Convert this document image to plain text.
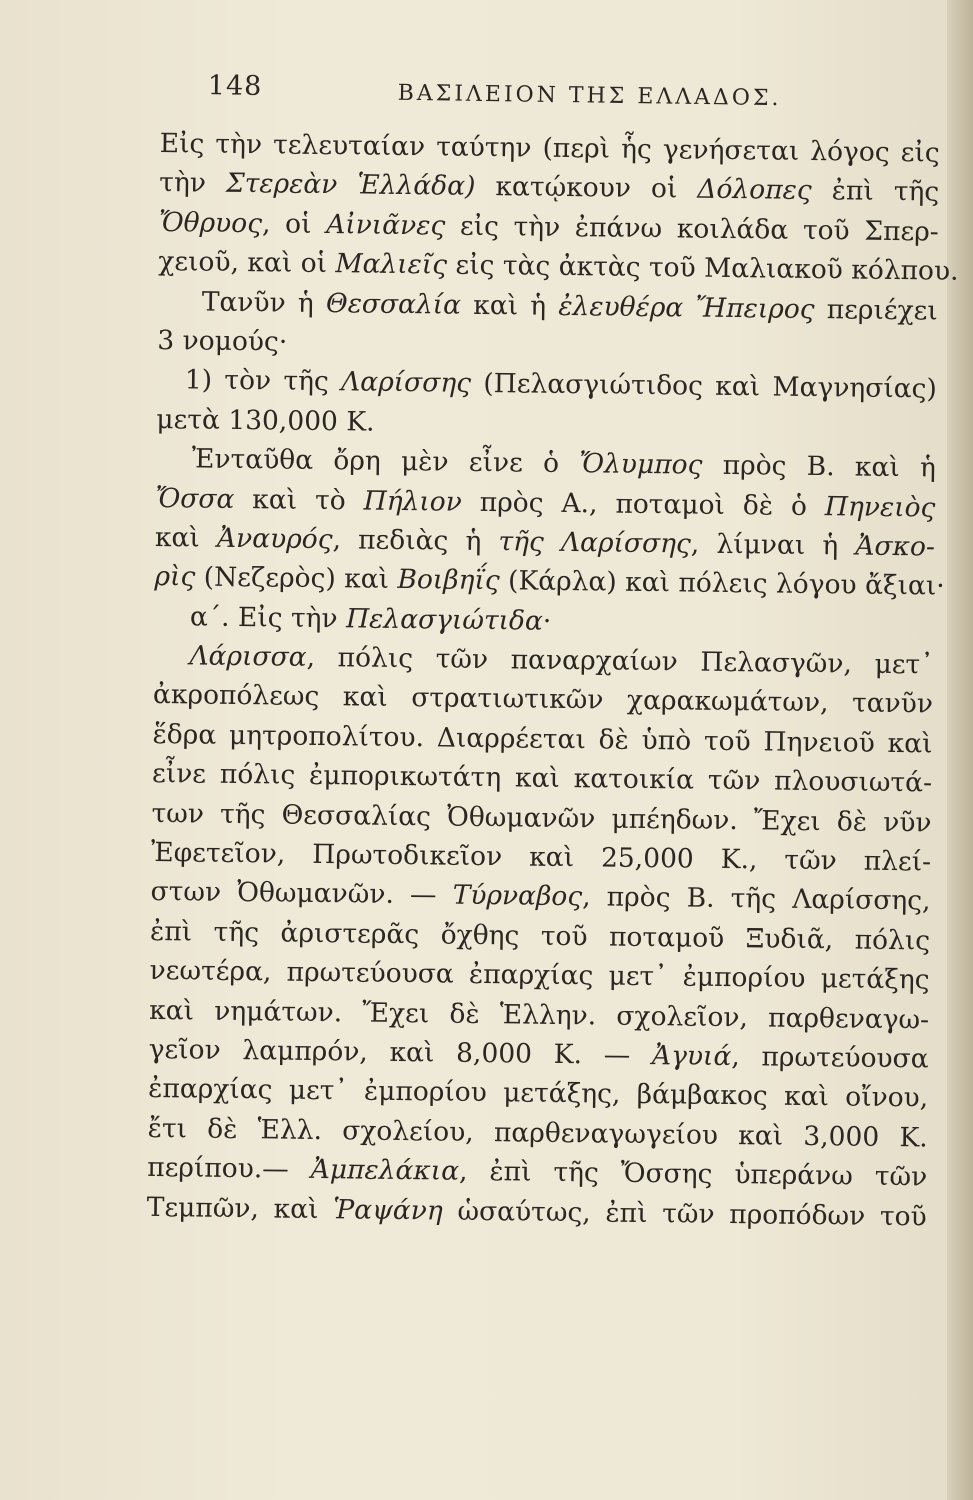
148	ΒΑΣΙΛΕΙΟΝ ΤΗΣ ΕΛΛΑΔΟΣ.
Εἰς τὴν τελευταίαν ταύτην (περὶ ἧς γενήσεται λόγος εἰς
τὴν Στερεὰν Ἑλλάδα) κατῴκουν οἱ Δόλοπες ἐπὶ τῆς
Ὄθρυος, οἱ Αἰνιᾶνες εἰς τὴν ἐπάνω κοιλάδα τοῦ Σπερ-
χειοῦ, καὶ οἱ Μαλιεῖς εἰς τὰς ἀκτὰς τοῦ Μαλιακοῦ κόλπου.
Τανῦν ἡ Θεσσαλία καὶ ἡ ἐλευθέρα Ἤπειρος περιέχει
3 νομούς·
1) τὸν τῆς Λαρίσσης (Πελασγιώτιδος καὶ Μαγνησίας)
μετὰ 130,000 Κ.
Ἐνταῦθα ὄρη μὲν εἶνε ὁ Ὄλυμπος πρὸς Β. καὶ ἡ
Ὄσσα καὶ τὸ Πήλιον πρὸς Α., ποταμοὶ δὲ ὁ Πηνειὸς
καὶ Ἀναυρός, πεδιὰς ἡ τῆς Λαρίσσης, λίμναι ἡ Ἀσκο-
ρὶς (Νεζερὸς) καὶ Βοιβηΐς (Κάρλα) καὶ πόλεις λόγου ἄξιαι·
α΄. Εἰς τὴν Πελασγιώτιδα·
Λάρισσα, πόλις τῶν παναρχαίων Πελασγῶν, μετ᾿
ἀκροπόλεως καὶ στρατιωτικῶν χαρακωμάτων, τανῦν
ἕδρα μητροπολίτου. Διαρρέεται δὲ ὑπὸ τοῦ Πηνειοῦ καὶ
εἶνε πόλις ἐμπορικωτάτη καὶ κατοικία τῶν πλουσιωτά-
των τῆς Θεσσαλίας Ὀθωμανῶν μπέηδων. Ἔχει δὲ νῦν
Ἐφετεῖον, Πρωτοδικεῖον καὶ 25,000 Κ., τῶν πλεί-
στων Ὀθωμανῶν. — Τύρναβος, πρὸς Β. τῆς Λαρίσσης,
ἐπὶ τῆς ἀριστερᾶς ὄχθης τοῦ ποταμοῦ Ξυδιᾶ, πόλις
νεωτέρα, πρωτεύουσα ἐπαρχίας μετ᾿ ἐμπορίου μετάξης
καὶ νημάτων. Ἔχει δὲ Ἑλλην. σχολεῖον, παρθεναγω-
γεῖον λαμπρόν, καὶ 8,000 Κ. — Ἀγυιά, πρωτεύουσα
ἐπαρχίας μετ᾿ ἐμπορίου μετάξης, βάμβακος καὶ οἴνου,
ἔτι δὲ Ἑλλ. σχολείου, παρθεναγωγείου καὶ 3,000 Κ.
περίπου.— Ἀμπελάκια, ἐπὶ τῆς Ὄσσης ὑπεράνω τῶν
Τεμπῶν, καὶ Ῥαψάνη ὡσαύτως, ἐπὶ τῶν προπόδων τοῦ
